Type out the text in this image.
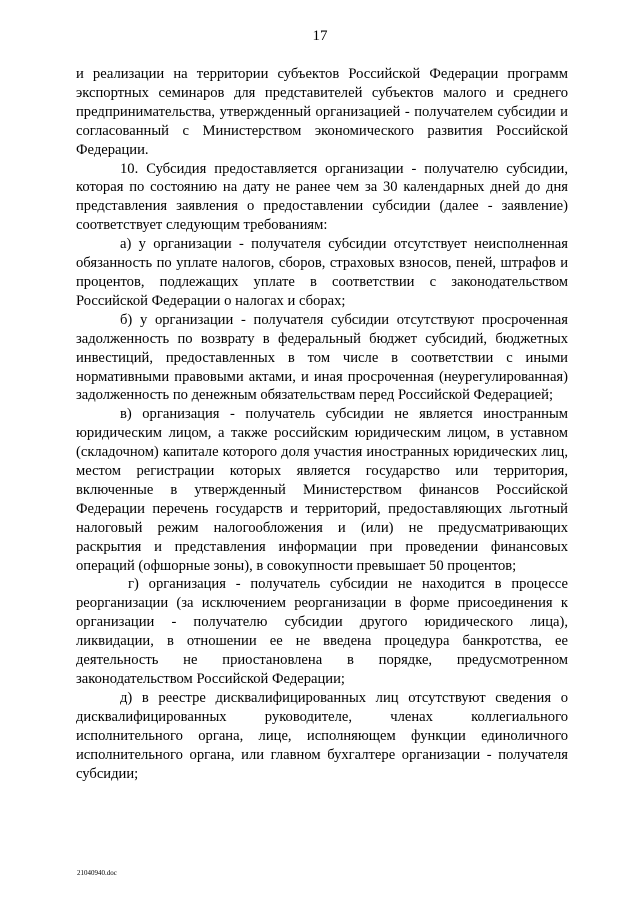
17

и реализации на территории субъектов Российской Федерации программ экспортных семинаров для представителей субъектов малого и среднего предпринимательства, утвержденный организацией - получателем субсидии и согласованный с Министерством экономического развития Российской Федерации.

10. Субсидия предоставляется организации - получателю субсидии, которая по состоянию на дату не ранее чем за 30 календарных дней до дня представления заявления о предоставлении субсидии (далее - заявление) соответствует следующим требованиям:

а) у организации - получателя субсидии отсутствует неисполненная обязанность по уплате налогов, сборов, страховых взносов, пеней, штрафов и процентов, подлежащих уплате в соответствии с законодательством Российской Федерации о налогах и сборах;

б) у организации - получателя субсидии отсутствуют просроченная задолженность по возврату в федеральный бюджет субсидий, бюджетных инвестиций, предоставленных в том числе в соответствии с иными нормативными правовыми актами, и иная просроченная (неурегулированная) задолженность по денежным обязательствам перед Российской Федерацией;

в) организация - получатель субсидии не является иностранным юридическим лицом, а также российским юридическим лицом, в уставном (складочном) капитале которого доля участия иностранных юридических лиц, местом регистрации которых является государство или территория, включенные в утвержденный Министерством финансов Российской Федерации перечень государств и территорий, предоставляющих льготный налоговый режим налогообложения и (или) не предусматривающих раскрытия и представления информации при проведении финансовых операций (офшорные зоны), в совокупности превышает 50 процентов;

г) организация - получатель субсидии не находится в процессе реорганизации (за исключением реорганизации в форме присоединения к организации - получателю субсидии другого юридического лица), ликвидации, в отношении ее не введена процедура банкротства, ее деятельность не приостановлена в порядке, предусмотренном законодательством Российской Федерации;

д) в реестре дисквалифицированных лиц отсутствуют сведения о дисквалифицированных руководителе, членах коллегиального исполнительного органа, лице, исполняющем функции единоличного исполнительного органа, или главном бухгалтере организации - получателя субсидии;

21040940.doc
